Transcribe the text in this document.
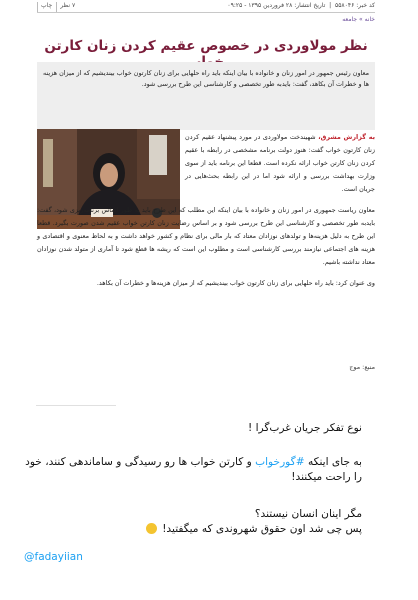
کد خبر: ۵۵۸۰۴۶  |  تاریخ انتشار: ۲۸ فروردین ۱۳۹۵ - ۰۹:۲۵
۷ نظر
چاپ
خانه » جامعه
نظر مولاوردی در خصوص عقیم کردن زنان کارتن
معاون رئیس جمهور در امور زنان و خانواده با بیان اینکه باید راه حلهایی برای زنان کارتون خواب بیندیشیم که از میزان هزینه ها و خطرات آن بکاهد، گفت: بایدبه طور تخصصی و کارشناسی این طرح بررسی شود.
به گزارش مشرق، شهیندخت مولاوردی در مورد پیشنهاد عقیم کردن زنان کارتون خواب گفت: هنوز دولت برنامه مشخصی در رابطه با عقیم کردن زنان کارتن خواب ارائه نکرده است. قطعا این برنامه باید از سوی وزارت بهداشت بررسی و ارائه شود اما در این رابطه بحث‌هایی در جریان است.
معاون ریاست جمهوری در امور زنان و خانواده با بیان اینکه این مطلب که این طرح باید به طور اساس برنامه‌ریزی شود، گفت: بایدبه طور تخصصی و کارشناسی این طرح بررسی شود و بر اساس رضایت زنان کارتن خواب عقیم شدن صورت بگیرد. قطعا این طرح به دلیل هزینه‌ها و تولدهای نوزادان معتاد که بار مالی برای نظام و کشور خواهد داشت و به لحاظ معنوی و اقتصادی و هزینه های اجتماعی نیازمند بررسی کارشناسی است و مطلوب این است که ریشه ها قطع شود تا آماری از متولد شدن نوزادان معتاد نداشته باشیم.
وی عنوان کرد: باید راه حلهایی برای زنان کارتون خواب بیندیشیم که از میزان هزینه‌ها و خطرات آن بکاهد.
منبع: موج

نوع تفکر جریان غرب‌گرا !

به جای اینکه #گورخواب و کارتن خواب ها رو رسیدگی و ساماندهی کنند، خود را راحت میکنند!

مگر اینان انسان نیستند؟

پس چی شد اون حقوق شهروندی که میگفتید!

@fadayiian
